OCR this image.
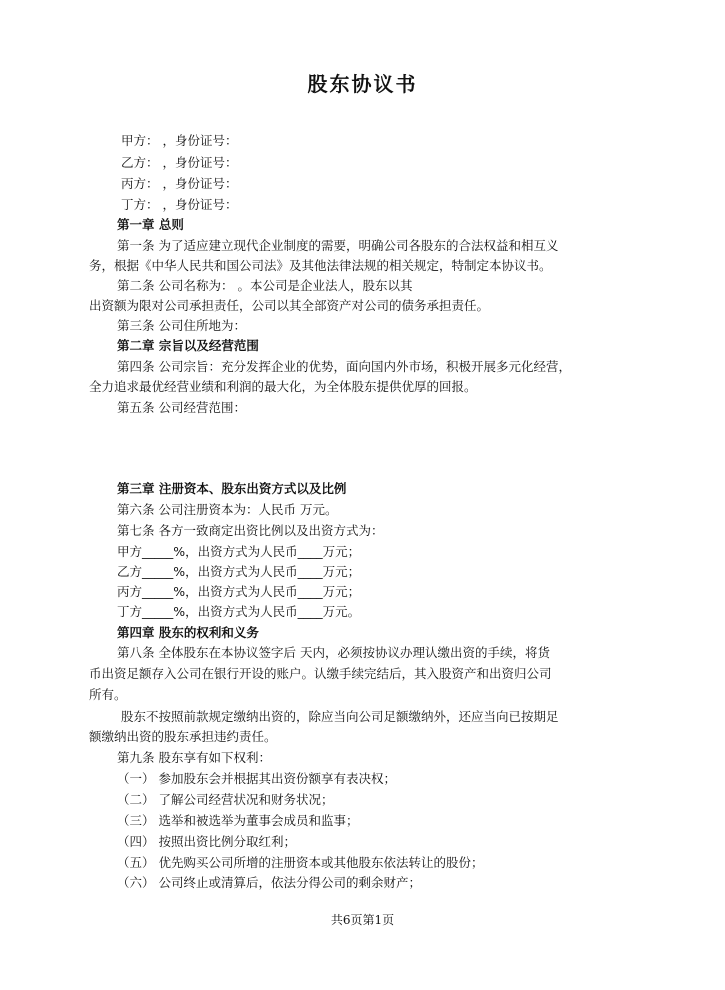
股东协议书
甲方： ，身份证号：
乙方： ，身份证号：
丙方： ，身份证号：
丁方： ，身份证号：
第一章 总则
第一条 为了适应建立现代企业制度的需要，明确公司各股东的合法权益和相互义
务，根据《中华人民共和国公司法》及其他法律法规的相关规定，特制定本协议书。
第二条 公司名称为： 。本公司是企业法人，股东以其
出资额为限对公司承担责任，公司以其全部资产对公司的债务承担责任。
第三条 公司住所地为：
第二章 宗旨以及经营范围
第四条 公司宗旨：充分发挥企业的优势，面向国内外市场，积极开展多元化经营，
全力追求最优经营业绩和利润的最大化，为全体股东提供优厚的回报。
第五条 公司经营范围：
第三章 注册资本、股东出资方式以及比例
第六条 公司注册资本为：人民币 万元。
第七条 各方一致商定出资比例以及出资方式为：
甲方_____%，出资方式为人民币____万元；
乙方_____%，出资方式为人民币____万元；
丙方_____%，出资方式为人民币____万元；
丁方_____%，出资方式为人民币____万元。
第四章 股东的权利和义务
第八条 全体股东在本协议签字后 天内，必须按协议办理认缴出资的手续，将货
币出资足额存入公司在银行开设的账户。认缴手续完结后，其入股资产和出资归公司
所有。
股东不按照前款规定缴纳出资的，除应当向公司足额缴纳外，还应当向已按期足
额缴纳出资的股东承担违约责任。
第九条 股东享有如下权利：
（一） 参加股东会并根据其出资份额享有表决权；
（二） 了解公司经营状况和财务状况；
（三） 选举和被选举为董事会成员和监事；
（四） 按照出资比例分取红利；
（五） 优先购买公司所增的注册资本或其他股东依法转让的股份；
（六） 公司终止或清算后，依法分得公司的剩余财产；
共6页第1页
